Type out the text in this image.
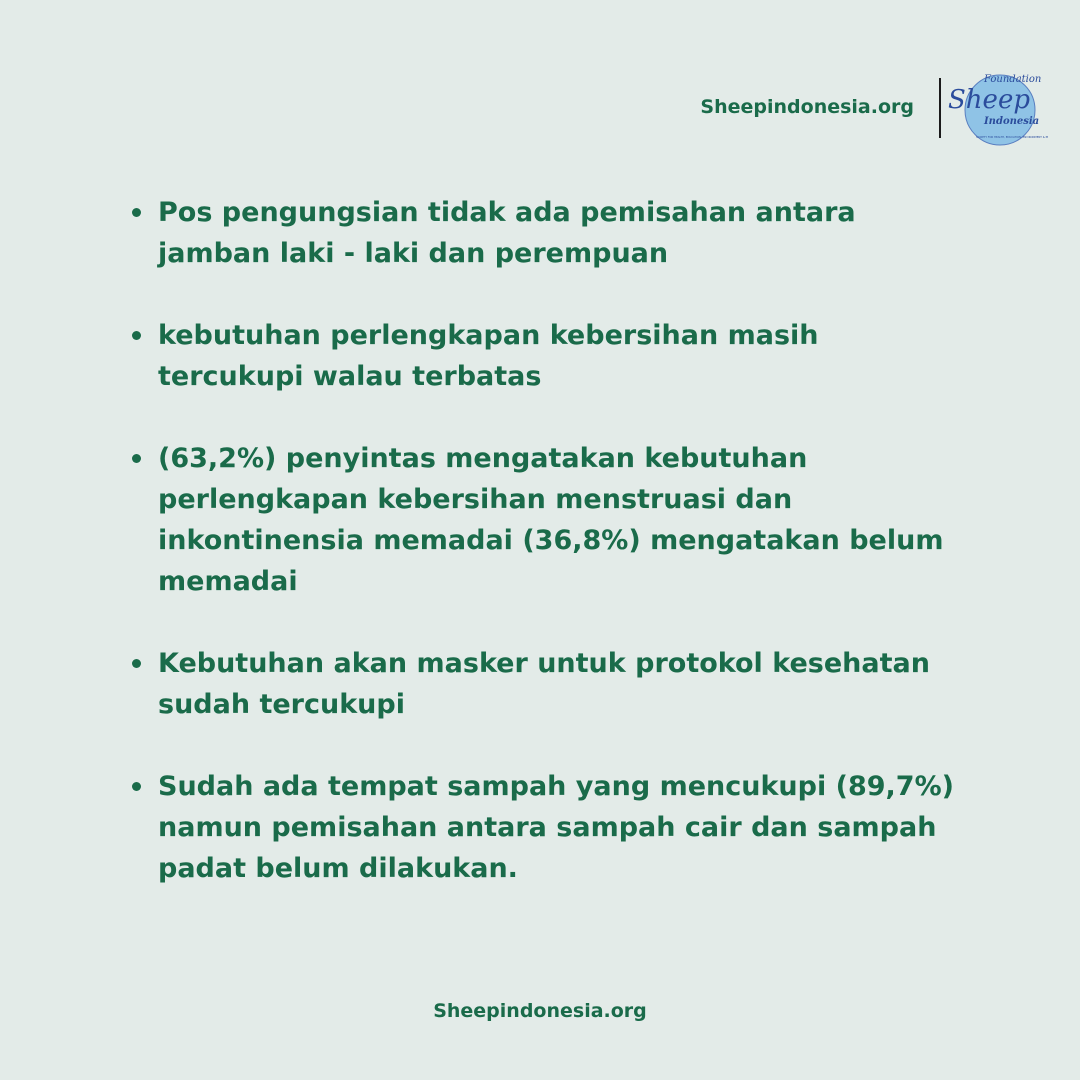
Sheepindonesia.org
Foundation
Sheep
Indonesia
SOCIETY FOR HEALTH, EDUCATION, ENVIRONMENT & PEACE
Pos pengungsian tidak ada pemisahan antara jamban laki - laki dan perempuan
kebutuhan perlengkapan kebersihan masih tercukupi walau terbatas
(63,2%) penyintas mengatakan kebutuhan perlengkapan kebersihan menstruasi dan inkontinensia memadai (36,8%) mengatakan belum memadai
Kebutuhan akan masker untuk protokol kesehatan sudah tercukupi
Sudah ada tempat sampah yang mencukupi (89,7%) namun pemisahan antara sampah cair dan sampah padat belum dilakukan.
Sheepindonesia.org
